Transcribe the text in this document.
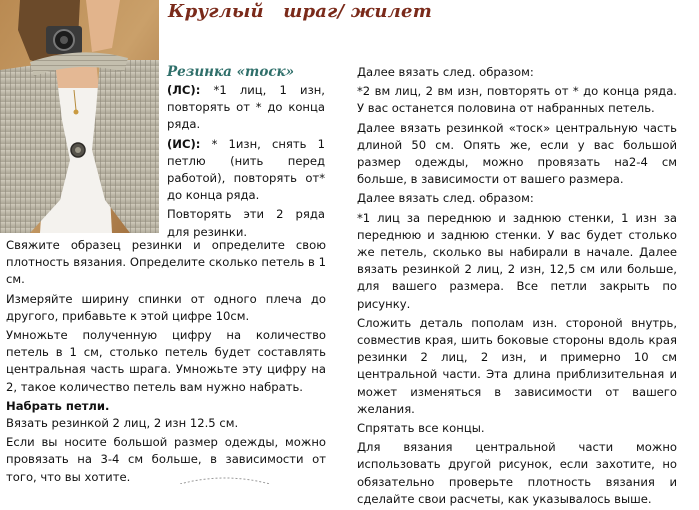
Круглый   шраг/ жилет
Резинка «тоск»

(ЛС): *1 лиц, 1 изн, повторять от * до конца ряда.

(ИС): * 1изн, снять 1 петлю (нить перед работой), повторять от* до конца ряда.

Повторять эти 2 ряда для резинки.

Свяжите образец резинки и определите свою плотность вязания. Определите сколько петель в 1 см.

Измеряйте ширину спинки от одного плеча до другого, прибавьте к этой цифре 10см.

Умножьте полученную цифру на количество петель в 1 см, столько петель будет составлять центральная часть шрага. Умножьте эту цифру на 2, такое количество петель вам нужно набрать.

Набрать петли.

Вязать резинкой 2 лиц, 2 изн 12.5 см.

Если вы носите большой размер одежды, можно провязать на 3-4 см больше, в зависимости от того, что вы хотите.

Далее вязать след. образом:

*2 вм лиц, 2 вм изн, повторять от * до конца ряда. У вас останется половина от набранных петель.

Далее вязать резинкой «тоск» центральную часть длиной 50 см. Опять же, если у вас большой размер одежды, можно провязать на2-4 см больше, в зависимости от вашего размера.

Далее вязать след. образом:

*1 лиц за переднюю и заднюю стенки, 1 изн за переднюю и заднюю стенки. У вас будет столько же петель, сколько вы набирали в начале. Далее вязать резинкой 2 лиц, 2 изн, 12,5 см или больше, для вашего размера. Все петли закрыть по рисунку.

Сложить деталь пополам изн. стороной внутрь, совместив края, шить боковые стороны вдоль края резинки 2 лиц, 2 изн, и примерно 10 см центральной части. Эта длина приблизительная и может изменяться в зависимости от вашего желания.

Спрятать все концы.

Для вязания центральной части можно использовать другой рисунок, если захотите, но обязательно проверьте плотность вязания и сделайте свои расчеты, как указывалось выше.
